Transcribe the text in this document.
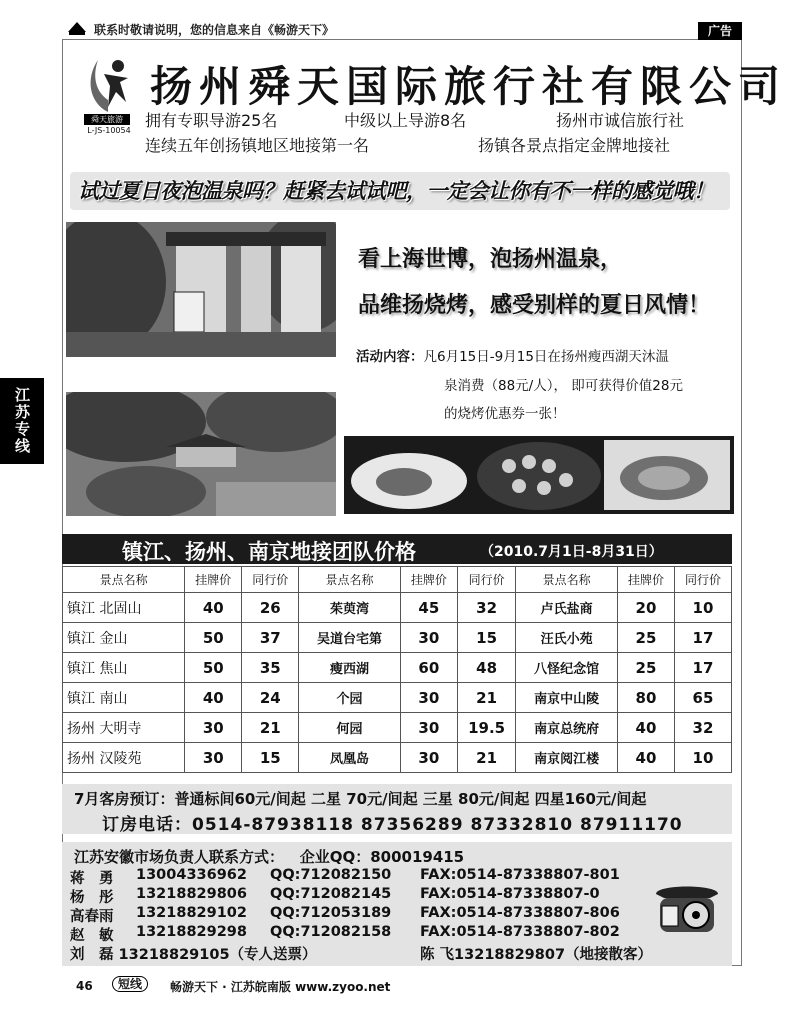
联系时敬请说明，您的信息来自《畅游天下》	广告
江苏专线
舜天旅游
L-JS-10054
扬州舜天国际旅行社有限公司
拥有专职导游25名	中级以上导游8名	扬州市诚信旅行社
连续五年创扬镇地区地接第一名	扬镇各景点指定金牌地接社
试过夏日夜泡温泉吗？赶紧去试试吧，一定会让你有不一样的感觉哦！
看上海世博，泡扬州温泉，
品维扬烧烤，感受别样的夏日风情！
活动内容：凡6月15日-9月15日在扬州瘦西湖天沐温
泉消费（88元/人）， 即可获得价值28元
的烧烤优惠券一张！
镇江、扬州、南京地接团队价格	（2010.7月1日-8月31日）
景点名称	挂牌价	同行价	景点名称	挂牌价	同行价	景点名称	挂牌价	同行价
镇江 北固山	40	26	茱萸湾	45	32	卢氏盐商	20	10
镇江 金山	50	37	吴道台宅第	30	15	汪氏小苑	25	17
镇江 焦山	50	35	瘦西湖	60	48	八怪纪念馆	25	17
镇江 南山	40	24	个园	30	21	南京中山陵	80	65
扬州 大明寺	30	21	何园	30	19.5	南京总统府	40	32
扬州 汉陵苑	30	15	凤凰岛	30	21	南京阅江楼	40	10
7月客房预订：普通标间60元/间起 二星 70元/间起 三星 80元/间起 四星160元/间起
订房电话：0514-87938118 87356289 87332810 87911170
江苏安徽市场负责人联系方式： 企业QQ：800019415
蒋　勇 13004336962 QQ:712082150 FAX:0514-87338807-801
杨　彤 13218829806 QQ:712082145 FAX:0514-87338807-0
高春雨 13218829102 QQ:712053189 FAX:0514-87338807-806
赵　敏 13218829298 QQ:712082158 FAX:0514-87338807-802
刘　磊 13218829105（专人送票）	陈 飞13218829807（地接散客）
46	短线	畅游天下 · 江苏皖南版 www.zyoo.net
